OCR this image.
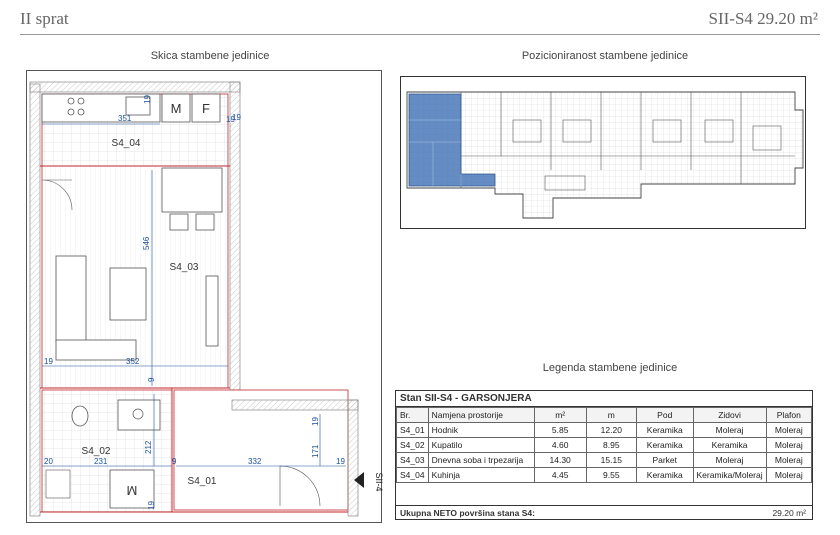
II sprat	SII-S4 29.20 m²
Skica stambene jedinice	Pozicioniranost stambene jedinice
Legenda stambene jedinice
M F
M
S4_04
S4_03
S4_02
S4_01
351
19
19
546
19	352
9
212
231
20	9	332
171
19
19
19
19
SII-4
Stan SII-S4 - GARSONJERA
Br.	Namjena prostorije	m²	m	Pod	Zidovi	Plafon
S4_01	Hodnik	5.85	12.20	Keramika	Moleraj	Moleraj
S4_02	Kupatilo	4.60	8.95	Keramika	Keramika	Moleraj
S4_03	Dnevna soba i trpezarija	14.30	15.15	Parket	Moleraj	Moleraj
S4_04	Kuhinja	4.45	9.55	Keramika	Keramika/Moleraj	Moleraj
Ukupna NETO površina stana S4:	29.20 m²
